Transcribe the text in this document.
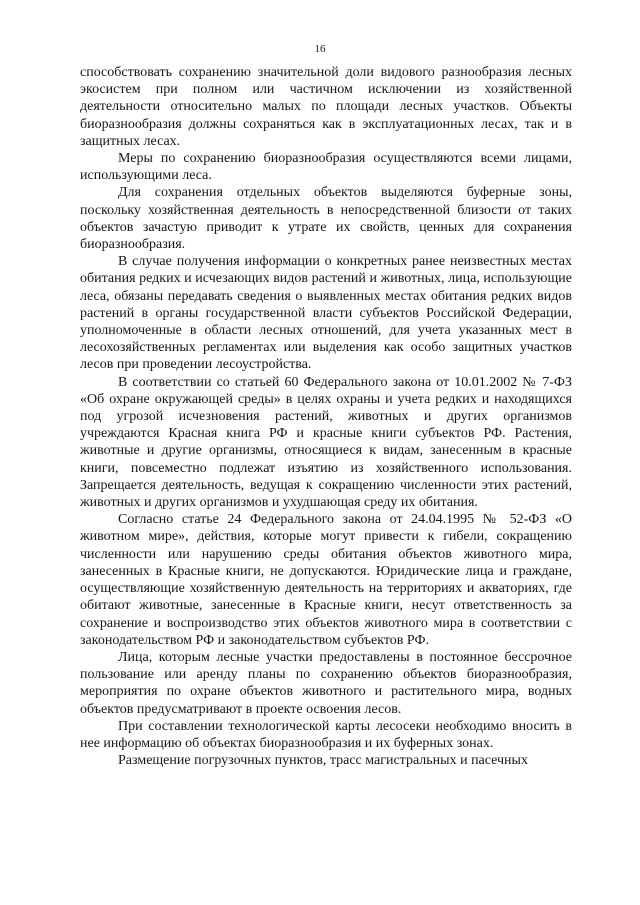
16

способствовать сохранению значительной доли видового разнообразия лесных экосистем при полном или частичном исключении из хозяйственной деятельности относительно малых по площади лесных участков. Объекты биоразнообразия должны сохраняться как в эксплуатационных лесах, так и в защитных лесах.

Меры по сохранению биоразнообразия осуществляются всеми лицами, использующими леса.

Для сохранения отдельных объектов выделяются буферные зоны, поскольку хозяйственная деятельность в непосредственной близости от таких объектов зачастую приводит к утрате их свойств, ценных для сохранения биоразнообразия.

В случае получения информации о конкретных ранее неизвестных местах обитания редких и исчезающих видов растений и животных, лица, использующие леса, обязаны передавать сведения о выявленных местах обитания редких видов растений в органы государственной власти субъектов Российской Федерации, уполномоченные в области лесных отношений, для учета указанных мест в лесохозяйственных регламентах или выделения как особо защитных участков лесов при проведении лесоустройства.

В соответствии со статьей 60 Федерального закона от 10.01.2002 № 7-ФЗ «Об охране окружающей среды» в целях охраны и учета редких и находящихся под угрозой исчезновения растений, животных и других организмов учреждаются Красная книга РФ и красные книги субъектов РФ. Растения, животные и другие организмы, относящиеся к видам, занесенным в красные книги, повсеместно подлежат изъятию из хозяйственного использования. Запрещается деятельность, ведущая к сокращению численности этих растений, животных и других организмов и ухудшающая среду их обитания.

Согласно статье 24 Федерального закона от 24.04.1995 № 52-ФЗ «О животном мире», действия, которые могут привести к гибели, сокращению численности или нарушению среды обитания объектов животного мира, занесенных в Красные книги, не допускаются. Юридические лица и граждане, осуществляющие хозяйственную деятельность на территориях и акваториях, где обитают животные, занесенные в Красные книги, несут ответственность за сохранение и воспроизводство этих объектов животного мира в соответствии с законодательством РФ и законодательством субъектов РФ.

Лица, которым лесные участки предоставлены в постоянное бессрочное пользование или аренду планы по сохранению объектов биоразнообразия, мероприятия по охране объектов животного и растительного мира, водных объектов предусматривают в проекте освоения лесов.

При составлении технологической карты лесосеки необходимо вносить в нее информацию об объектах биоразнообразия и их буферных зонах.

Размещение погрузочных пунктов, трасс магистральных и пасечных
